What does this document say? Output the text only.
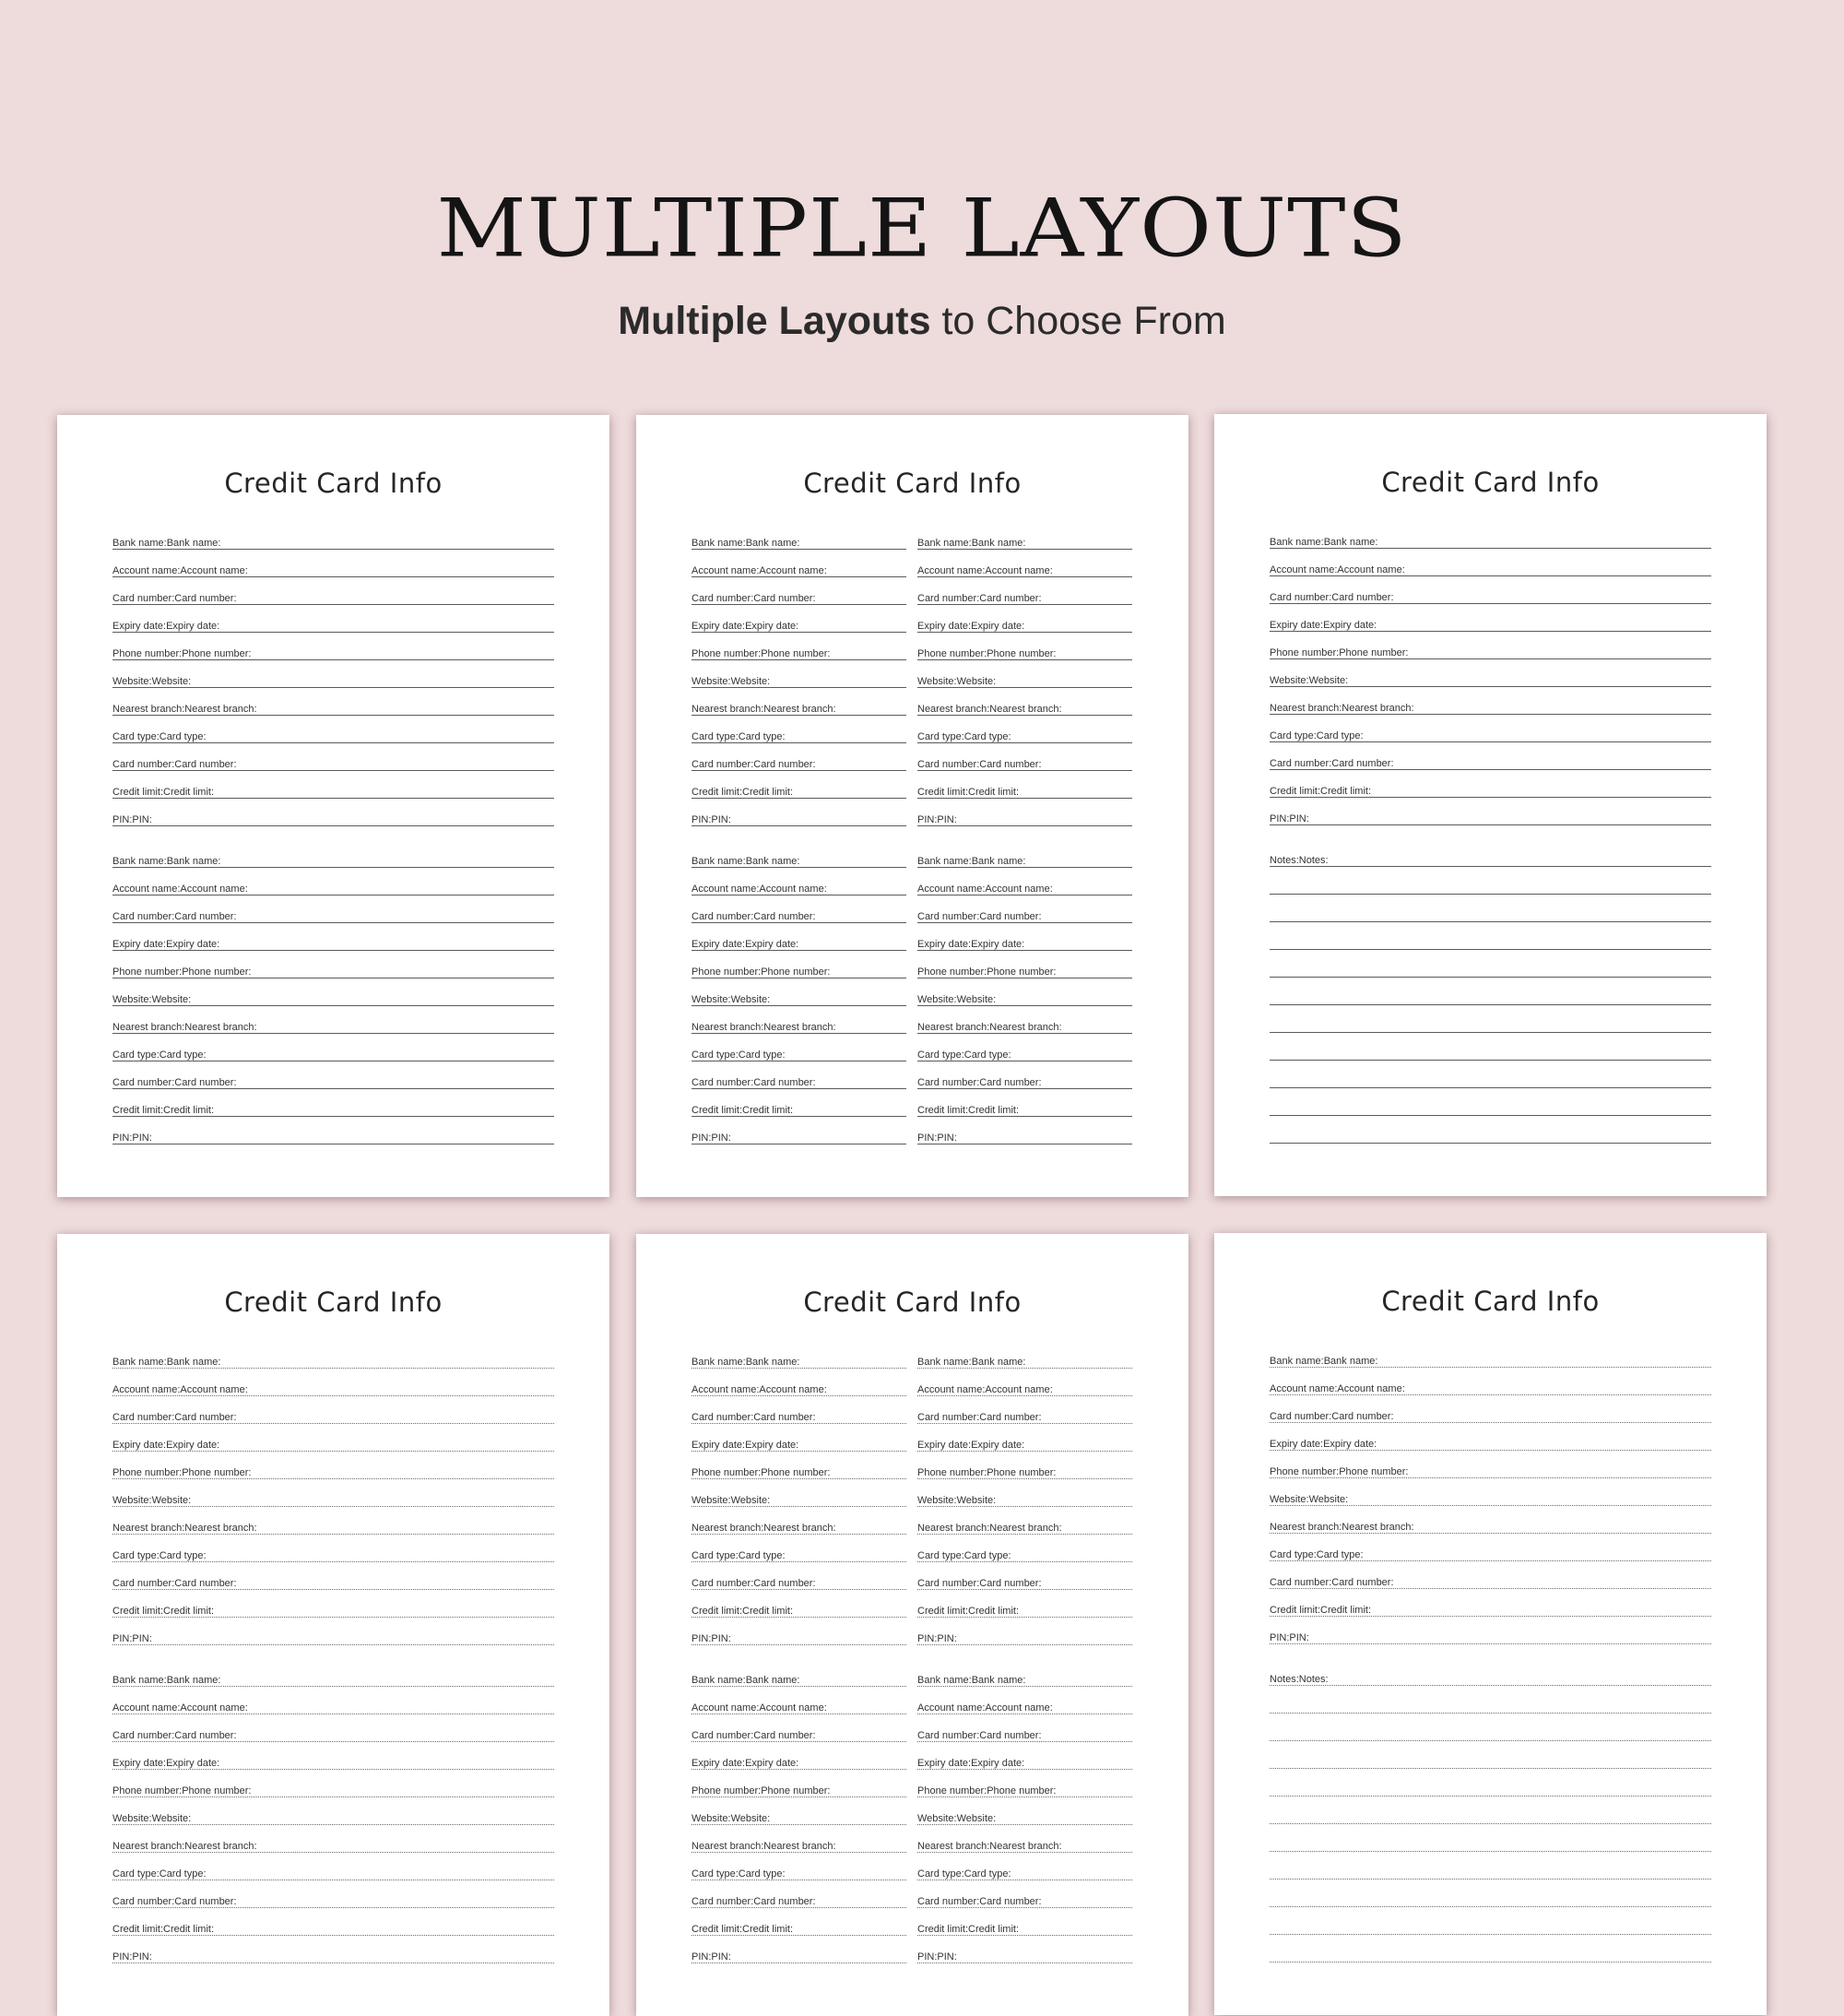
MULTIPLE LAYOUTS
Multiple Layouts to Choose From
Credit Card Info
Bank name:Bank name:
Account name:Account name:
Card number:Card number:
Expiry date:Expiry date:
Phone number:Phone number:
Website:Website:
Nearest branch:Nearest branch:
Card type:Card type:
Card number:Card number:
Credit limit:Credit limit:
PIN:PIN:
Bank name:Bank name:
Account name:Account name:
Card number:Card number:
Expiry date:Expiry date:
Phone number:Phone number:
Website:Website:
Nearest branch:Nearest branch:
Card type:Card type:
Card number:Card number:
Credit limit:Credit limit:
PIN:PIN:
Credit Card Info
Bank name:Bank name:
Account name:Account name:
Card number:Card number:
Expiry date:Expiry date:
Phone number:Phone number:
Website:Website:
Nearest branch:Nearest branch:
Card type:Card type:
Card number:Card number:
Credit limit:Credit limit:
PIN:PIN:
Bank name:Bank name:
Account name:Account name:
Card number:Card number:
Expiry date:Expiry date:
Phone number:Phone number:
Website:Website:
Nearest branch:Nearest branch:
Card type:Card type:
Card number:Card number:
Credit limit:Credit limit:
PIN:PIN:
Bank name:Bank name:
Account name:Account name:
Card number:Card number:
Expiry date:Expiry date:
Phone number:Phone number:
Website:Website:
Nearest branch:Nearest branch:
Card type:Card type:
Card number:Card number:
Credit limit:Credit limit:
PIN:PIN:
Bank name:Bank name:
Account name:Account name:
Card number:Card number:
Expiry date:Expiry date:
Phone number:Phone number:
Website:Website:
Nearest branch:Nearest branch:
Card type:Card type:
Card number:Card number:
Credit limit:Credit limit:
PIN:PIN:
Credit Card Info
Bank name:Bank name:
Account name:Account name:
Card number:Card number:
Expiry date:Expiry date:
Phone number:Phone number:
Website:Website:
Nearest branch:Nearest branch:
Card type:Card type:
Card number:Card number:
Credit limit:Credit limit:
PIN:PIN:
Notes:Notes:
Credit Card Info
Bank name:Bank name:
Account name:Account name:
Card number:Card number:
Expiry date:Expiry date:
Phone number:Phone number:
Website:Website:
Nearest branch:Nearest branch:
Card type:Card type:
Card number:Card number:
Credit limit:Credit limit:
PIN:PIN:
Bank name:Bank name:
Account name:Account name:
Card number:Card number:
Expiry date:Expiry date:
Phone number:Phone number:
Website:Website:
Nearest branch:Nearest branch:
Card type:Card type:
Card number:Card number:
Credit limit:Credit limit:
PIN:PIN:
Credit Card Info
Bank name:Bank name:
Account name:Account name:
Card number:Card number:
Expiry date:Expiry date:
Phone number:Phone number:
Website:Website:
Nearest branch:Nearest branch:
Card type:Card type:
Card number:Card number:
Credit limit:Credit limit:
PIN:PIN:
Bank name:Bank name:
Account name:Account name:
Card number:Card number:
Expiry date:Expiry date:
Phone number:Phone number:
Website:Website:
Nearest branch:Nearest branch:
Card type:Card type:
Card number:Card number:
Credit limit:Credit limit:
PIN:PIN:
Bank name:Bank name:
Account name:Account name:
Card number:Card number:
Expiry date:Expiry date:
Phone number:Phone number:
Website:Website:
Nearest branch:Nearest branch:
Card type:Card type:
Card number:Card number:
Credit limit:Credit limit:
PIN:PIN:
Bank name:Bank name:
Account name:Account name:
Card number:Card number:
Expiry date:Expiry date:
Phone number:Phone number:
Website:Website:
Nearest branch:Nearest branch:
Card type:Card type:
Card number:Card number:
Credit limit:Credit limit:
PIN:PIN:
Credit Card Info
Bank name:Bank name:
Account name:Account name:
Card number:Card number:
Expiry date:Expiry date:
Phone number:Phone number:
Website:Website:
Nearest branch:Nearest branch:
Card type:Card type:
Card number:Card number:
Credit limit:Credit limit:
PIN:PIN:
Notes:Notes:
